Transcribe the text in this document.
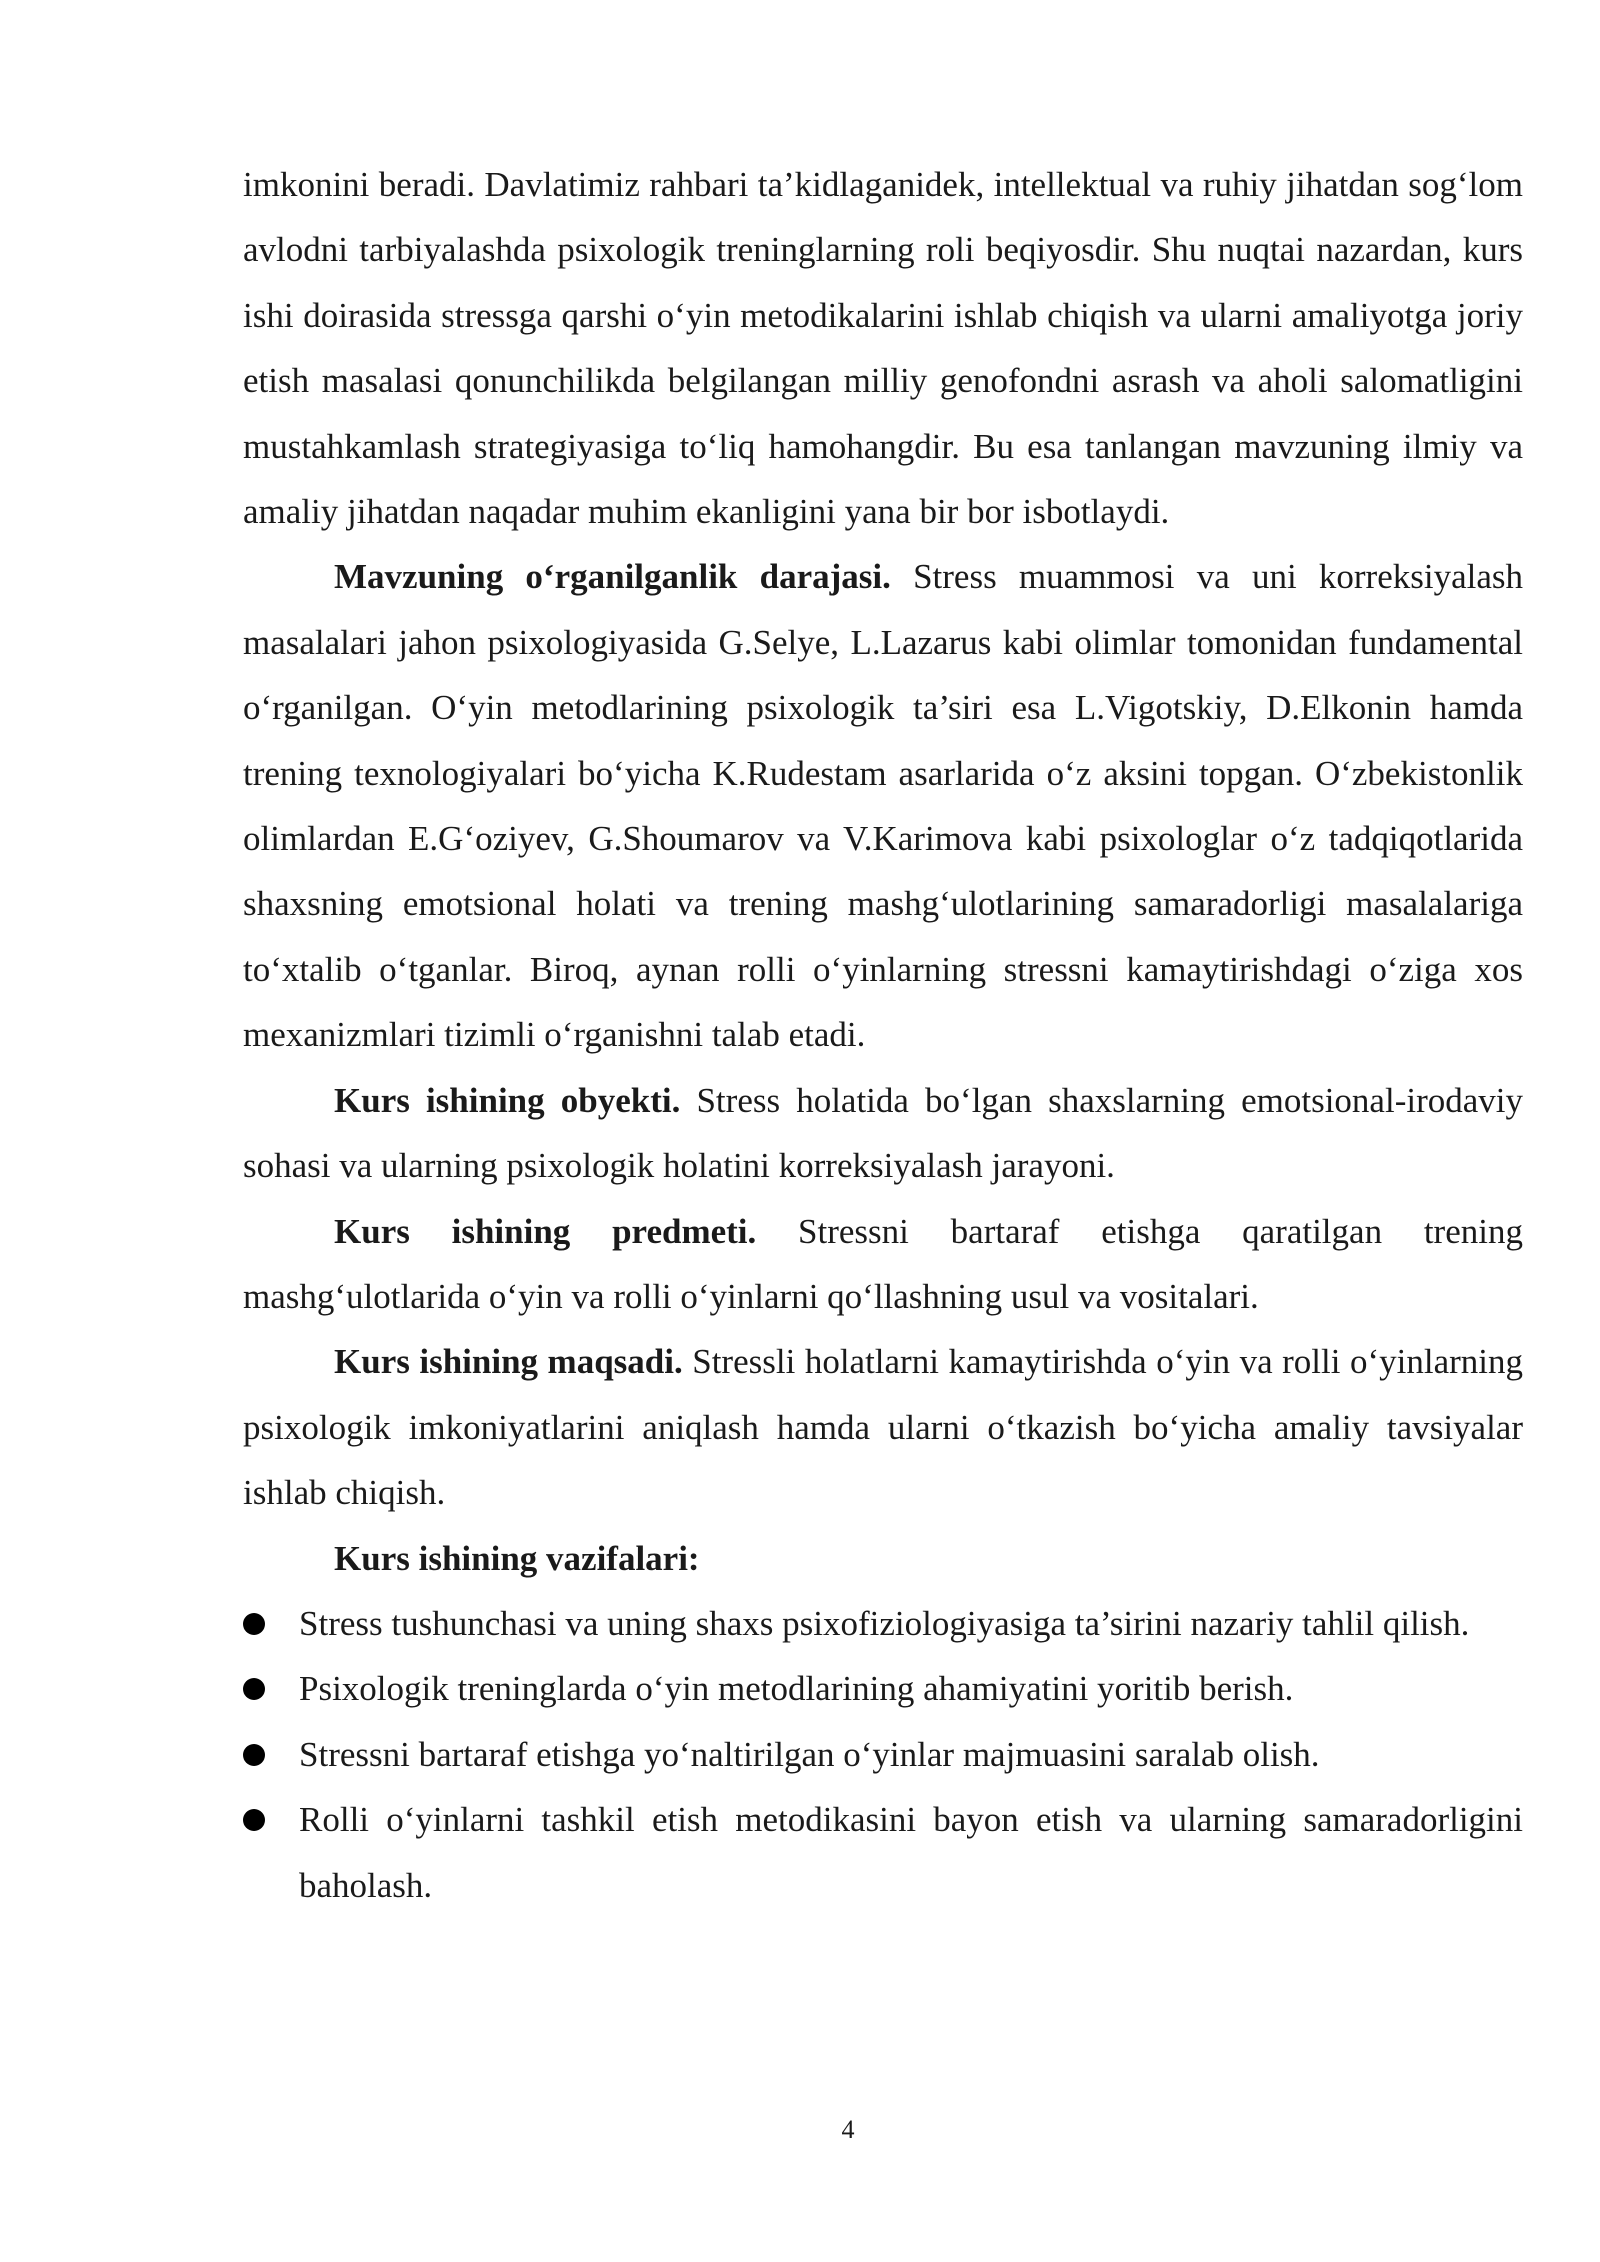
imkonini beradi. Davlatimiz rahbari ta’kidlaganidek, intellektual va ruhiy jihatdan sog‘lom avlodni tarbiyalashda psixologik treninglarning roli beqiyosdir. Shu nuqtai nazardan, kurs ishi doirasida stressga qarshi o‘yin metodikalarini ishlab chiqish va ularni amaliyotga joriy etish masalasi qonunchilikda belgilangan milliy genofondni asrash va aholi salomatligini mustahkamlash strategiyasiga to‘liq hamohangdir. Bu esa tanlangan mavzuning ilmiy va amaliy jihatdan naqadar muhim ekanligini yana bir bor isbotlaydi.

Mavzuning o‘rganilganlik darajasi. Stress muammosi va uni korreksiyalash masalalari jahon psixologiyasida G.Selye, L.Lazarus kabi olimlar tomonidan fundamental o‘rganilgan. O‘yin metodlarining psixologik ta’siri esa L.Vigotskiy, D.Elkonin hamda trening texnologiyalari bo‘yicha K.Rudestam asarlarida o‘z aksini topgan. O‘zbekistonlik olimlardan E.G‘oziyev, G.Shoumarov va V.Karimova kabi psixologlar o‘z tadqiqotlarida shaxsning emotsional holati va trening mashg‘ulotlarining samaradorligi masalalariga to‘xtalib o‘tganlar. Biroq, aynan rolli o‘yinlarning stressni kamaytirishdagi o‘ziga xos mexanizmlari tizimli o‘rganishni talab etadi.

Kurs ishining obyekti. Stress holatida bo‘lgan shaxslarning emotsional-irodaviy sohasi va ularning psixologik holatini korreksiyalash jarayoni.

Kurs ishining predmeti. Stressni bartaraf etishga qaratilgan trening mashg‘ulotlarida o‘yin va rolli o‘yinlarni qo‘llashning usul va vositalari.

Kurs ishining maqsadi. Stressli holatlarni kamaytirishda o‘yin va rolli o‘yinlarning psixologik imkoniyatlarini aniqlash hamda ularni o‘tkazish bo‘yicha amaliy tavsiyalar ishlab chiqish.

Kurs ishining vazifalari:

Stress tushunchasi va uning shaxs psixofiziologiyasiga ta’sirini nazariy tahlil qilish.
Psixologik treninglarda o‘yin metodlarining ahamiyatini yoritib berish.
Stressni bartaraf etishga yo‘naltirilgan o‘yinlar majmuasini saralab olish.
Rolli o‘yinlarni tashkil etish metodikasini bayon etish va ularning samaradorligini baholash.
4
